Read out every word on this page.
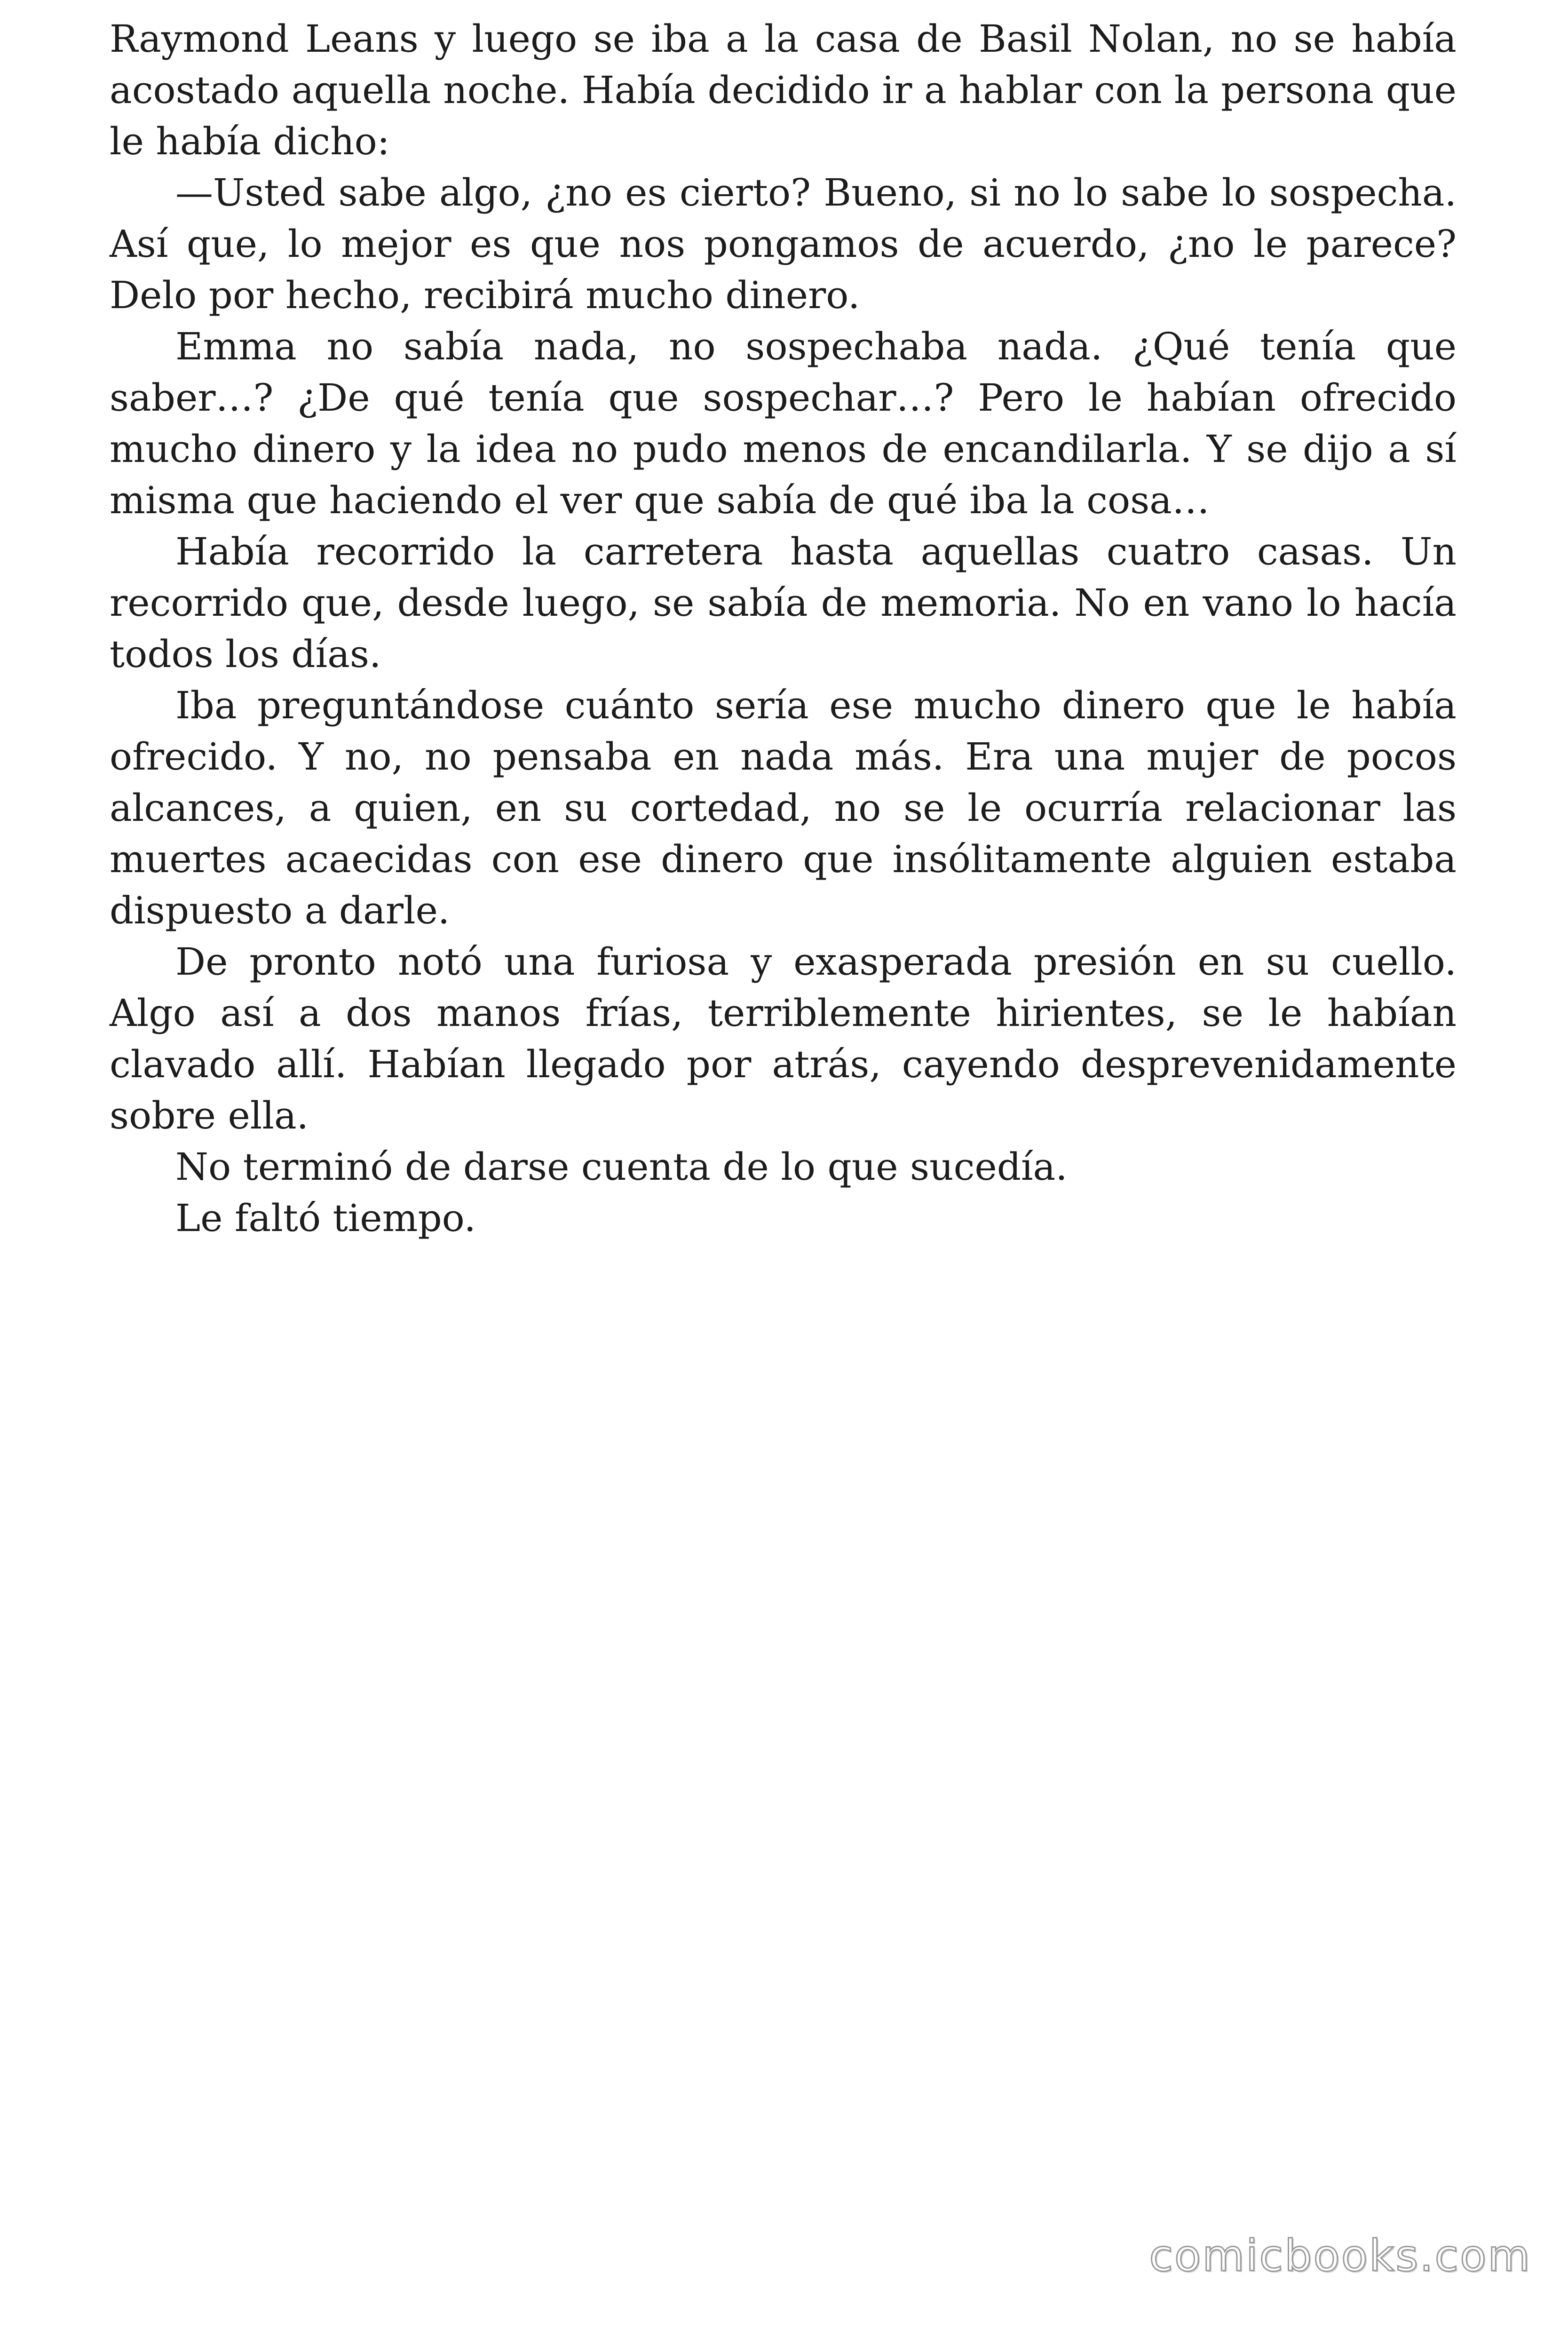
Raymond Leans y luego se iba a la casa de Basil Nolan, no se había acostado aquella noche. Había decidido ir a hablar con la persona que le había dicho:

—Usted sabe algo, ¿no es cierto? Bueno, si no lo sabe lo sospecha. Así que, lo mejor es que nos pongamos de acuerdo, ¿no le parece? Delo por hecho, recibirá mucho dinero.

Emma no sabía nada, no sospechaba nada. ¿Qué tenía que saber…? ¿De qué tenía que sospechar…? Pero le habían ofrecido mucho dinero y la idea no pudo menos de encandilarla. Y se dijo a sí misma que haciendo el ver que sabía de qué iba la cosa…

Había recorrido la carretera hasta aquellas cuatro casas. Un recorrido que, desde luego, se sabía de memoria. No en vano lo hacía todos los días.

Iba preguntándose cuánto sería ese mucho dinero que le había ofrecido. Y no, no pensaba en nada más. Era una mujer de pocos alcances, a quien, en su cortedad, no se le ocurría relacionar las muertes acaecidas con ese dinero que insólitamente alguien estaba dispuesto a darle.

De pronto notó una furiosa y exasperada presión en su cuello. Algo así a dos manos frías, terriblemente hirientes, se le habían clavado allí. Habían llegado por atrás, cayendo desprevenidamente sobre ella.

No terminó de darse cuenta de lo que sucedía.

Le faltó tiempo.

comicbooks.com
